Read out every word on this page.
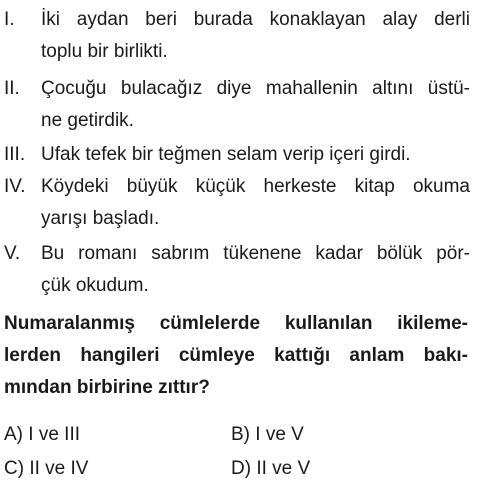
I. İki aydan beri burada konaklayan alay derli
toplu bir birlikti.
II. Çocuğu bulacağız diye mahallenin altını üstü-
ne getirdik.
III. Ufak tefek bir teğmen selam verip içeri girdi.
IV. Köydeki büyük küçük herkeste kitap okuma
yarışı başladı.
V. Bu romanı sabrım tükenene kadar bölük pör-
çük okudum.
Numaralanmış cümlelerde kullanılan ikileme-
lerden hangileri cümleye kattığı anlam bakı-
mından birbirine zıttır?
A) I ve III	B) I ve V
C) II ve IV	D) II ve V
